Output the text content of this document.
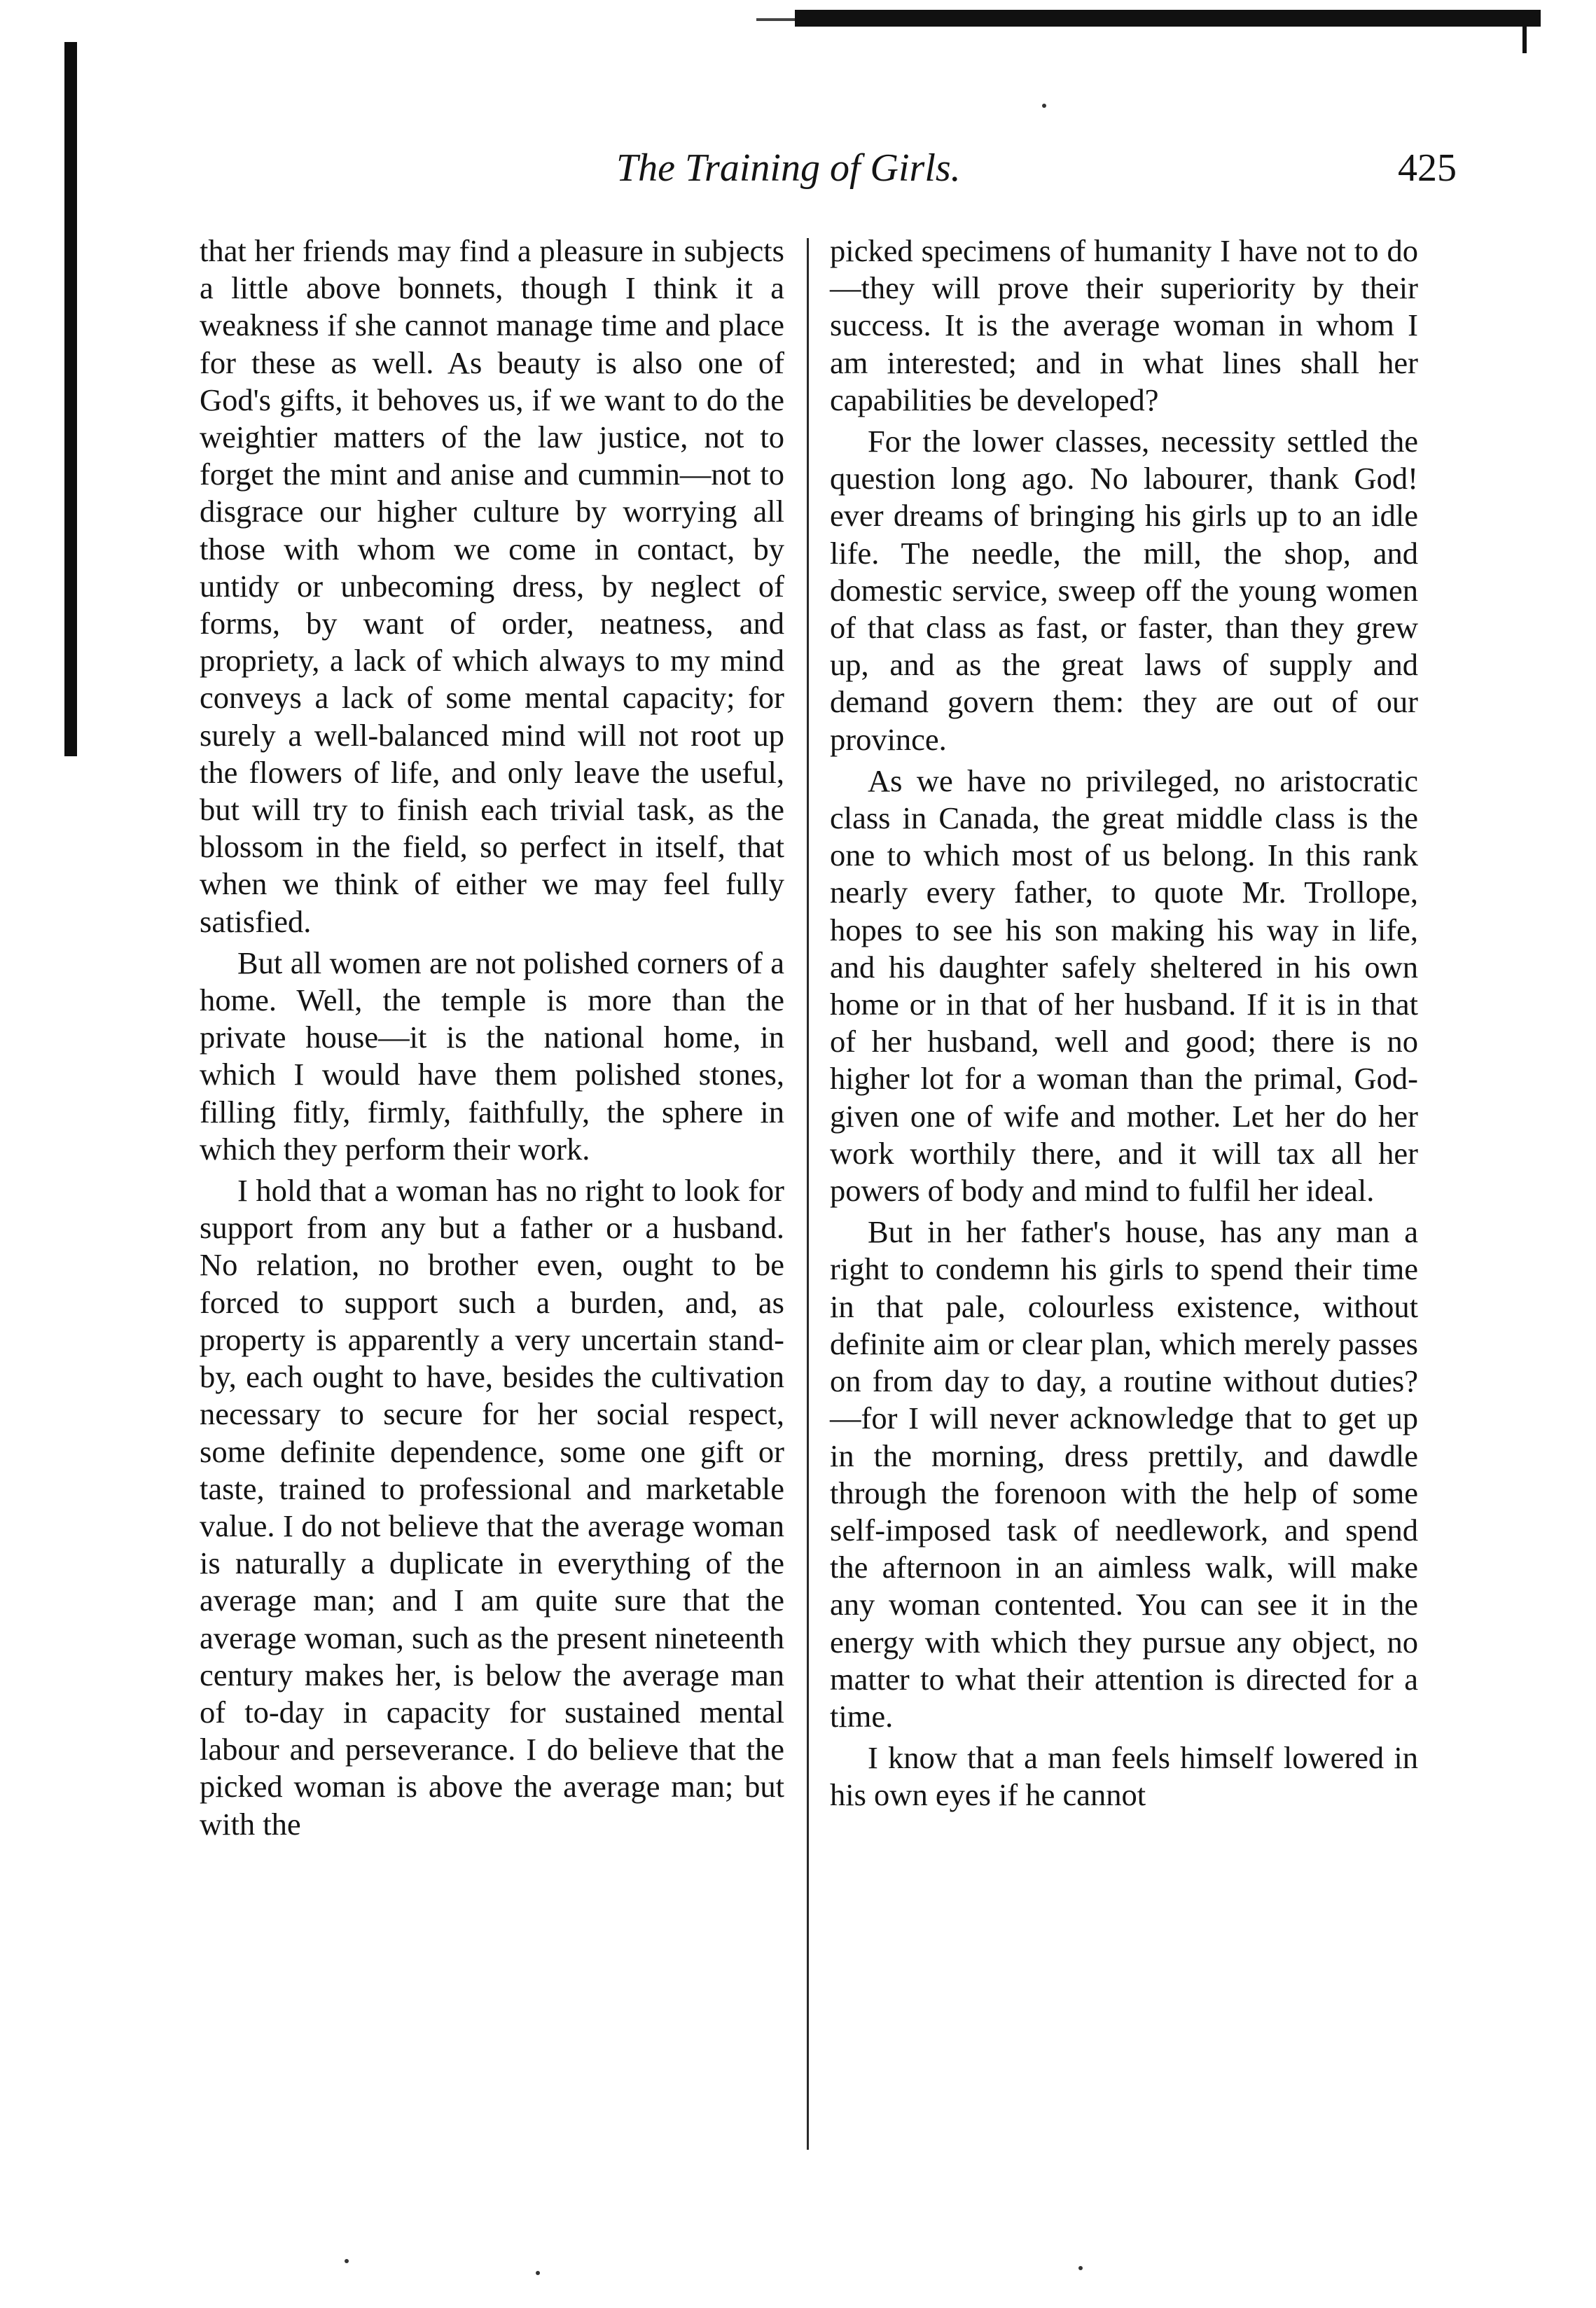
The Training of Girls.	425

that her friends may find a pleasure in subjects a little above bonnets, though I think it a weakness if she cannot manage time and place for these as well. As beauty is also one of God's gifts, it behoves us, if we want to do the weightier matters of the law justice, not to forget the mint and anise and cummin—not to disgrace our higher culture by worrying all those with whom we come in contact, by untidy or unbecoming dress, by neglect of forms, by want of order, neatness, and propriety, a lack of which always to my mind conveys a lack of some mental capacity; for surely a well-balanced mind will not root up the flowers of life, and only leave the useful, but will try to finish each trivial task, as the blossom in the field, so perfect in itself, that when we think of either we may feel fully satisfied.

But all women are not polished corners of a home. Well, the temple is more than the private house—it is the national home, in which I would have them polished stones, filling fitly, firmly, faithfully, the sphere in which they perform their work.

I hold that a woman has no right to look for support from any but a father or a husband. No relation, no brother even, ought to be forced to support such a burden, and, as property is apparently a very uncertain stand-by, each ought to have, besides the cultivation necessary to secure for her social respect, some definite dependence, some one gift or taste, trained to professional and marketable value. I do not believe that the average woman is naturally a duplicate in everything of the average man; and I am quite sure that the average woman, such as the present nineteenth century makes her, is below the average man of to-day in capacity for sustained mental labour and perseverance. I do believe that the picked woman is above the average man; but with the

picked specimens of humanity I have not to do—they will prove their superiority by their success. It is the average woman in whom I am interested; and in what lines shall her capabilities be developed?

For the lower classes, necessity settled the question long ago. No labourer, thank God! ever dreams of bringing his girls up to an idle life. The needle, the mill, the shop, and domestic service, sweep off the young women of that class as fast, or faster, than they grew up, and as the great laws of supply and demand govern them: they are out of our province.

As we have no privileged, no aristocratic class in Canada, the great middle class is the one to which most of us belong. In this rank nearly every father, to quote Mr. Trollope, hopes to see his son making his way in life, and his daughter safely sheltered in his own home or in that of her husband. If it is in that of her husband, well and good; there is no higher lot for a woman than the primal, God-given one of wife and mother. Let her do her work worthily there, and it will tax all her powers of body and mind to fulfil her ideal.

But in her father's house, has any man a right to condemn his girls to spend their time in that pale, colourless existence, without definite aim or clear plan, which merely passes on from day to day, a routine without duties?—for I will never acknowledge that to get up in the morning, dress prettily, and dawdle through the forenoon with the help of some self-imposed task of needlework, and spend the afternoon in an aimless walk, will make any woman contented. You can see it in the energy with which they pursue any object, no matter to what their attention is directed for a time.

I know that a man feels himself lowered in his own eyes if he cannot
